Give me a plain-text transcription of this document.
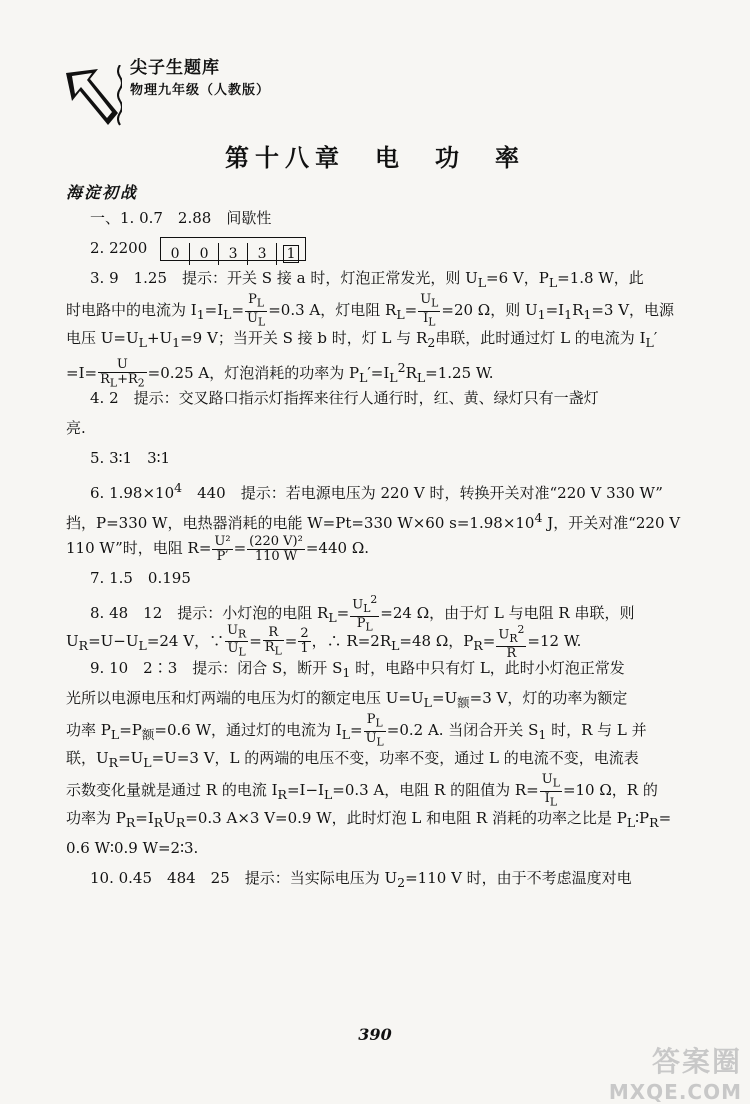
尖子生题库
物理九年级（人教版）
第十八章　电　功　率
海淀初战
一、1. 0.7　2.88　间歇性
2. 2200 0 0 3 3 1
3. 9　1.25　提示：开关 S 接 a 时，灯泡正常发光，则 $U_L=6$ V，$P_L=1.8$ W，此
时电路中的电流为 $I_1=I_L= \frac{P_L}{U_L} =0.3$ A，灯电阻 $R_L= \frac{U_L}{I_L} =20$ Ω，则 $U_1=I_1R_1=3$ V，电源
电压 $U=U_L+U_1=9$ V；当开关 S 接 b 时，灯 L 与 $R_2$串联，此时通过灯 L 的电流为 $I_L'$
$=I= \frac{U}{R_L+R_2} =0.25$ A，灯泡消耗的功率为 $P_L'=I_L^2R_L=1.25$ W.
4. 2　提示：交叉路口指示灯指挥来往行人通行时，红、黄、绿灯只有一盏灯
亮.
5. 3∶1　3∶1
6. $1.98\times 10^4$　440　提示：若电源电压为 220 V 时，转换开关对准“220 V 330 W”
挡，P=330 W，电热器消耗的电能 W=Pt=330 W×60 $s=1.98\times 10^4$ J，开关对准“220 V
110 W”时，电阻 $R= \frac{\text{U²}}{P'} = \frac{\text{(220 V)²}}{110 W} =440$ Ω.
7. 1.5　0.195
8. 48　12　提示：小灯泡的电阻 $R_L= \frac{U_L^2}{P_L} =24$ Ω，由于灯 L 与电阻 R 串联，则
$U_R=U-U_L=24$ V，∵ $\frac{U_R}{U_L} = \frac{R}{R_L} = \frac{2}{1}$ ，∴ $R=2R_L=48$ Ω，$P_R= \frac{U_R^2}{R} =12$ W.
9. 10　2∶3　提示：闭合 S，断开 $S_1$ 时，电路中只有灯 L，此时小灯泡正常发
光所以电源电压和灯两端的电压为灯的额定电压 $U=U_L=U_额=3$ V，灯的功率为额定
功率 $P_L=P_额=0.6$ W，通过灯的电流为 $I_L= \frac{P_L}{U_L} =0.2$ A. 当闭合开关 $S_1$ 时，R 与 L 并
联，$U_R=U_L=U=3$ V，L 的两端的电压不变，功率不变，通过 L 的电流不变，电流表
示数变化量就是通过 R 的电流 $I_R=I-I_L=0.3$ A，电阻 R 的阻值为 $R= \frac{U_L}{I_L} =10$ Ω，R 的
功率为 $P_R=I_RU_R=0.3$ A×3 V=0.9 W，此时灯泡 L 和电阻 R 消耗的功率之比是 $P_L∶P_R=$
0.6 W∶0.9 W=2∶3.
10. 0.45　484　25　提示：当实际电压为 $U_2=110$ V 时，由于不考虑温度对电
390
答案圈
MXQE.COM
